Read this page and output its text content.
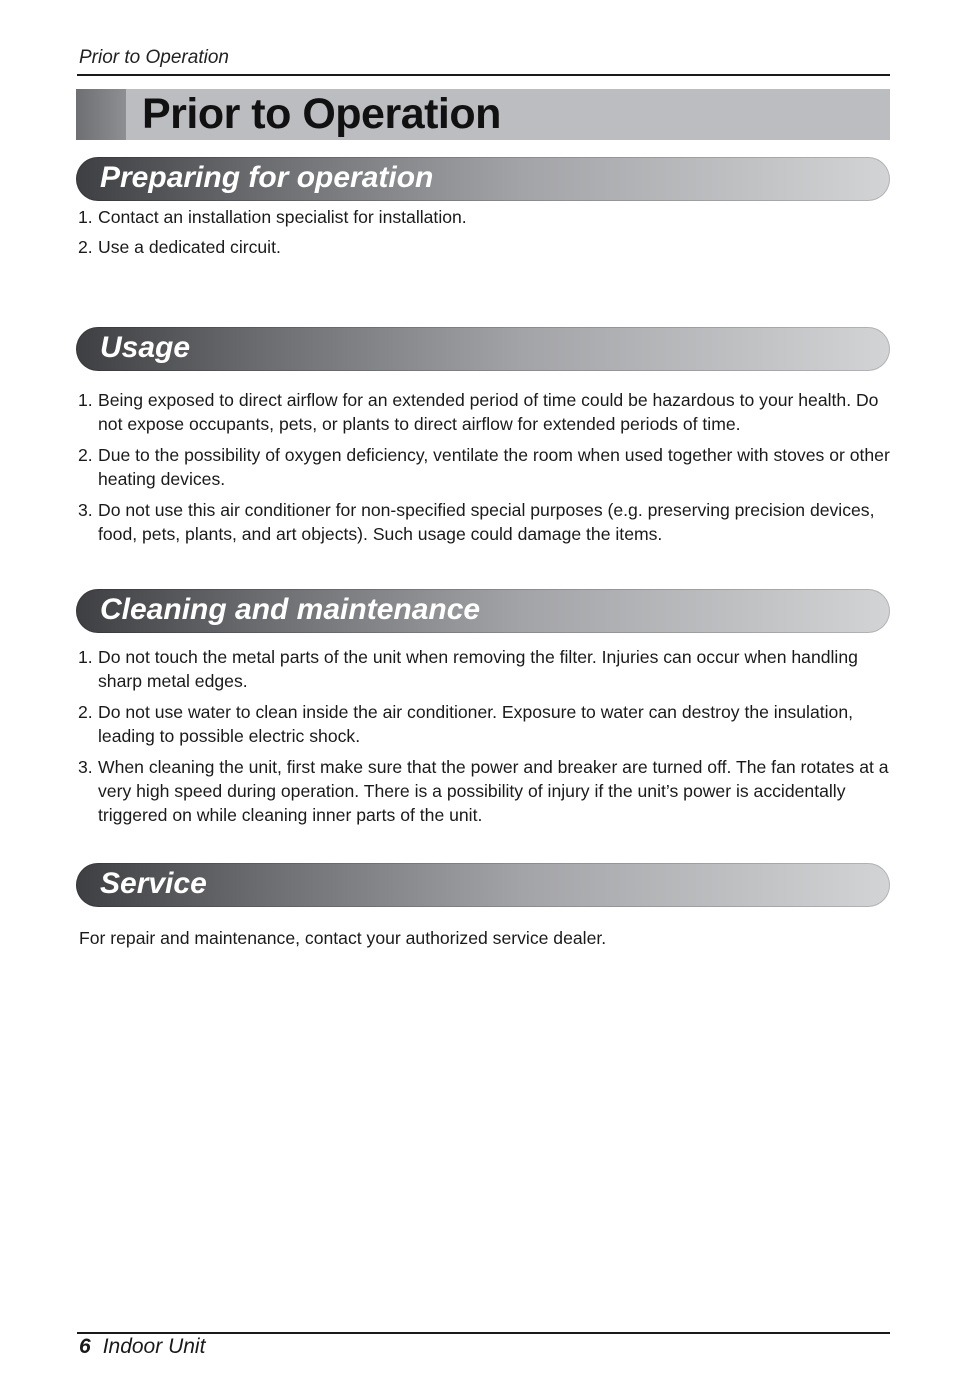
Prior to Operation
Prior to Operation
Preparing for operation
1. Contact an installation specialist for installation.
2. Use a dedicated circuit.
Usage
1. Being exposed to direct airflow for an extended period of time could be hazardous to your health. Do not expose occupants, pets, or plants to direct airflow for extended periods of time.
2. Due to the possibility of oxygen deficiency, ventilate the room when used together with stoves or other heating devices.
3. Do not use this air conditioner for non-specified special purposes (e.g. preserving precision devices, food, pets, plants, and art objects). Such usage could damage the items.
Cleaning and maintenance
1. Do not touch the metal parts of the unit when removing the filter. Injuries can occur when handling sharp metal edges.
2. Do not use water to clean inside the air conditioner. Exposure to water can destroy the insulation, leading to possible electric shock.
3. When cleaning the unit, first make sure that the power and breaker are turned off. The fan rotates at a very high speed during operation. There is a possibility of injury if the unit’s power is accidentally triggered on while cleaning inner parts of the unit.
Service
For repair and maintenance, contact your authorized service dealer.
6 Indoor Unit
